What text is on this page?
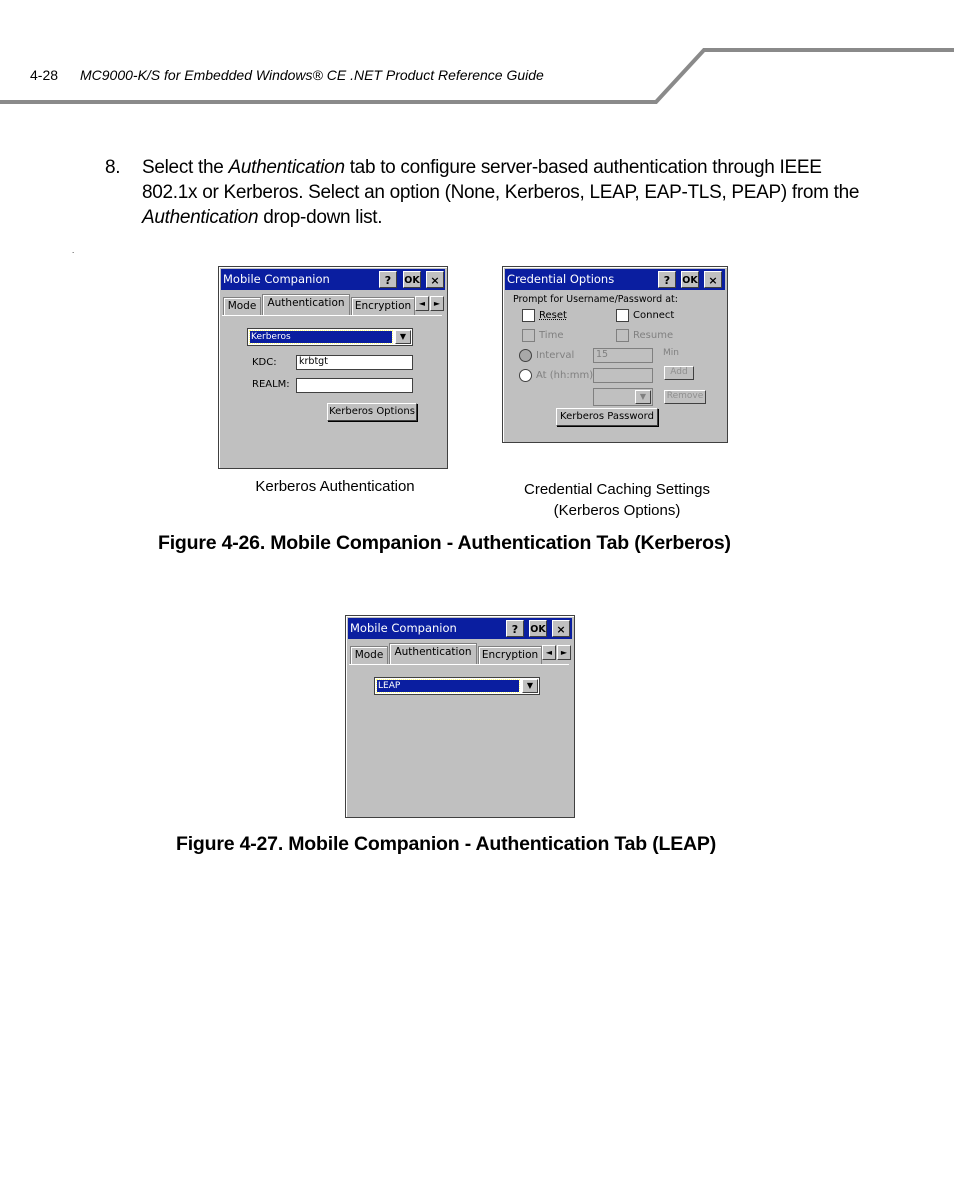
4-28 MC9000-K/S for Embedded Windows® CE .NET Product Reference Guide
8. Select the Authentication tab to configure server-based authentication through IEEE 802.1x or Kerberos. Select an option (None, Kerberos, LEAP, EAP-TLS, PEAP) from the Authentication drop-down list.
.
Mobile Companion	?	OK ×
Mode	Authentication Encryption ◄	►
Kerberos	▼
KDC:	krbtgt
REALM:
Kerberos Options
Kerberos Authentication
Credential Options	?	OK ×
Prompt for Username/Password at:
Reset	Connect
Time	Resume
Interval	15	Min
At (hh:mm)	Add
▼	Remove
Kerberos Password
Credential Caching Settings
(Kerberos Options)
Figure 4-26. Mobile Companion - Authentication Tab (Kerberos)
Mobile Companion	?	OK ×
Mode	Authentication Encryption ◄	►
LEAP	▼
Figure 4-27. Mobile Companion - Authentication Tab (LEAP)
